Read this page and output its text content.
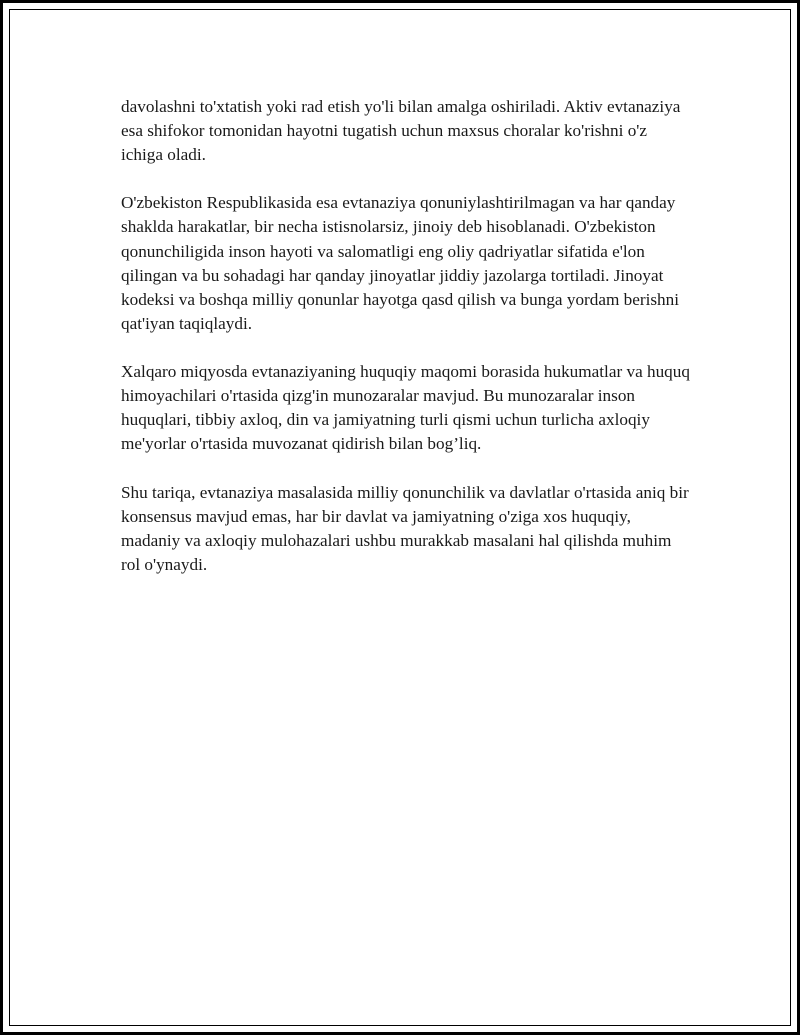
davolashni to'xtatish yoki rad etish yo'li bilan amalga oshiriladi. Aktiv evtanaziya esa shifokor tomonidan hayotni tugatish uchun maxsus choralar ko'rishni o'z ichiga oladi.

O'zbekiston Respublikasida esa evtanaziya qonuniylashtirilmagan va har qanday shaklda harakatlar, bir necha istisnolarsiz, jinoiy deb hisoblanadi. O'zbekiston qonunchiligida inson hayoti va salomatligi eng oliy qadriyatlar sifatida e'lon qilingan va bu sohadagi har qanday jinoyatlar jiddiy jazolarga tortiladi. Jinoyat kodeksi va boshqa milliy qonunlar hayotga qasd qilish va bunga yordam berishni qat'iyan taqiqlaydi.

Xalqaro miqyosda evtanaziyaning huquqiy maqomi borasida hukumatlar va huquq himoyachilari o'rtasida qizg'in munozaralar mavjud. Bu munozaralar inson huquqlari, tibbiy axloq, din va jamiyatning turli qismi uchun turlicha axloqiy me'yorlar o'rtasida muvozanat qidirish bilan bog’liq.

Shu tariqa, evtanaziya masalasida milliy qonunchilik va davlatlar o'rtasida aniq bir konsensus mavjud emas, har bir davlat va jamiyatning o'ziga xos huquqiy, madaniy va axloqiy mulohazalari ushbu murakkab masalani hal qilishda muhim rol o'ynaydi.
